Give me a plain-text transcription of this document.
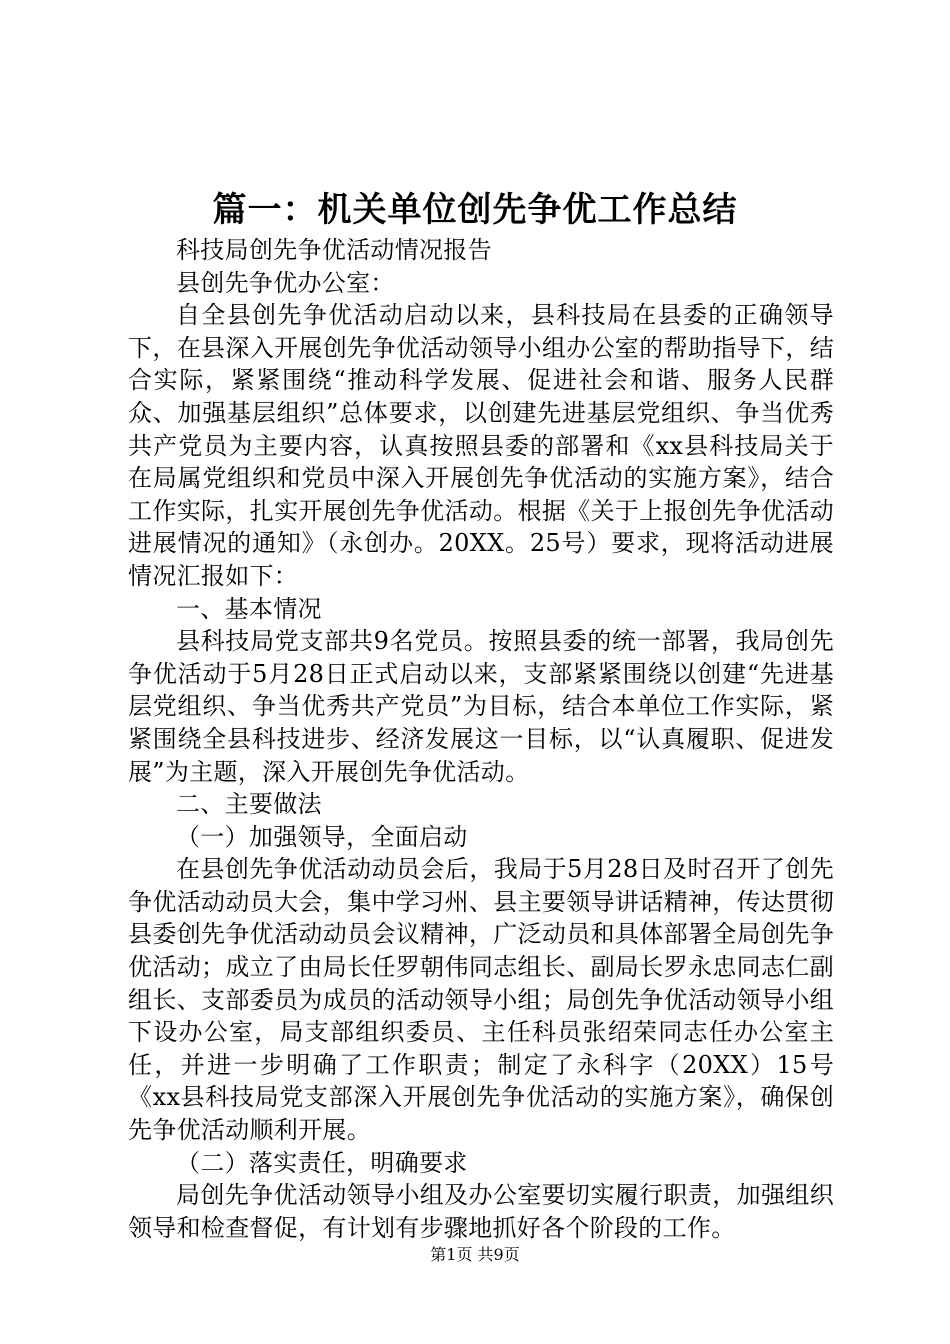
篇一：机关单位创先争优工作总结

科技局创先争优活动情况报告

县创先争优办公室：

自全县创先争优活动启动以来，县科技局在县委的正确领导下，在县深入开展创先争优活动领导小组办公室的帮助指导下，结合实际，紧紧围绕“推动科学发展、促进社会和谐、服务人民群众、加强基层组织”总体要求，以创建先进基层党组织、争当优秀共产党员为主要内容，认真按照县委的部署和《xx县科技局关于在局属党组织和党员中深入开展创先争优活动的实施方案》，结合工作实际，扎实开展创先争优活动。根据《关于上报创先争优活动进展情况的通知》（永创办。20XX。25号）要求，现将活动进展情况汇报如下：

一、基本情况

县科技局党支部共9名党员。按照县委的统一部署，我局创先争优活动于5月28日正式启动以来，支部紧紧围绕以创建“先进基层党组织、争当优秀共产党员”为目标，结合本单位工作实际，紧紧围绕全县科技进步、经济发展这一目标，以“认真履职、促进发展”为主题，深入开展创先争优活动。

二、主要做法

（一）加强领导，全面启动

在县创先争优活动动员会后，我局于5月28日及时召开了创先争优活动动员大会，集中学习州、县主要领导讲话精神，传达贯彻县委创先争优活动动员会议精神，广泛动员和具体部署全局创先争优活动；成立了由局长任罗朝伟同志组长、副局长罗永忠同志仁副组长、支部委员为成员的活动领导小组；局创先争优活动领导小组下设办公室，局支部组织委员、主任科员张绍荣同志任办公室主任，并进一步明确了工作职责；制定了永科字（20XX）15号《xx县科技局党支部深入开展创先争优活动的实施方案》，确保创先争优活动顺利开展。

（二）落实责任，明确要求

局创先争优活动领导小组及办公室要切实履行职责，加强组织领导和检查督促，有计划有步骤地抓好各个阶段的工作。

第1页 共9页
